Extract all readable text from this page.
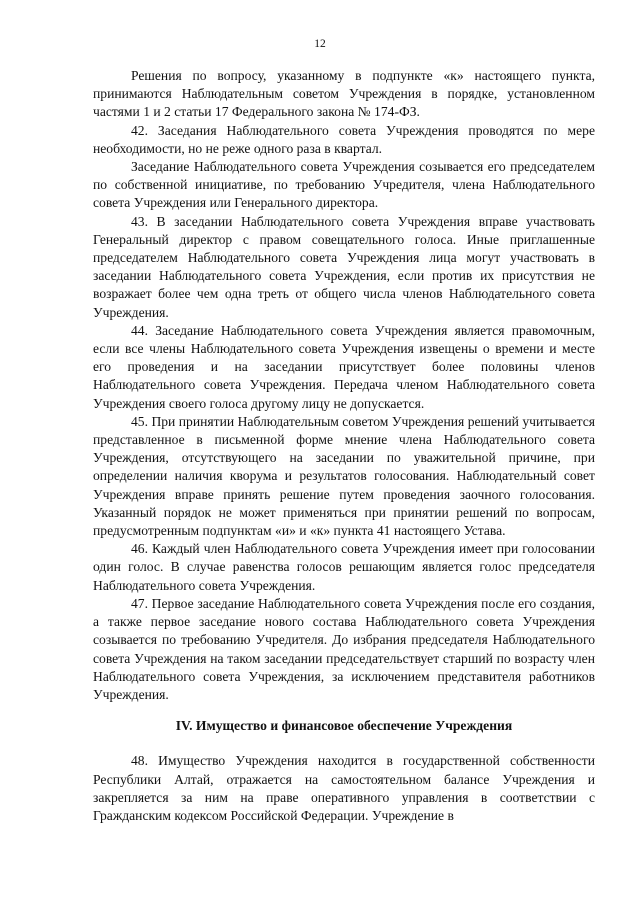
12

Решения по вопросу, указанному в подпункте «к» настоящего пункта, принимаются Наблюдательным советом Учреждения в порядке, установленном частями 1 и 2 статьи 17 Федерального закона № 174-ФЗ.

42. Заседания Наблюдательного совета Учреждения проводятся по мере необходимости, но не реже одного раза в квартал.

Заседание Наблюдательного совета Учреждения созывается его председателем по собственной инициативе, по требованию Учредителя, члена Наблюдательного совета Учреждения или Генерального директора.

43. В заседании Наблюдательного совета Учреждения вправе участвовать Генеральный директор с правом совещательного голоса. Иные приглашенные председателем Наблюдательного совета Учреждения лица могут участвовать в заседании Наблюдательного совета Учреждения, если против их присутствия не возражает более чем одна треть от общего числа членов Наблюдательного совета Учреждения.

44. Заседание Наблюдательного совета Учреждения является правомочным, если все члены Наблюдательного совета Учреждения извещены о времени и месте его проведения и на заседании присутствует более половины членов Наблюдательного совета Учреждения. Передача членом Наблюдательного совета Учреждения своего голоса другому лицу не допускается.

45. При принятии Наблюдательным советом Учреждения решений учитывается представленное в письменной форме мнение члена Наблюдательного совета Учреждения, отсутствующего на заседании по уважительной причине, при определении наличия кворума и результатов голосования. Наблюдательный совет Учреждения вправе принять решение путем проведения заочного голосования. Указанный порядок не может применяться при принятии решений по вопросам, предусмотренным подпунктам «и» и «к» пункта 41 настоящего Устава.

46. Каждый член Наблюдательного совета Учреждения имеет при голосовании один голос. В случае равенства голосов решающим является голос председателя Наблюдательного совета Учреждения.

47. Первое заседание Наблюдательного совета Учреждения после его создания, а также первое заседание нового состава Наблюдательного совета Учреждения созывается по требованию Учредителя. До избрания председателя Наблюдательного совета Учреждения на таком заседании председательствует старший по возрасту член Наблюдательного совета Учреждения, за исключением представителя работников Учреждения.

IV. Имущество и финансовое обеспечение Учреждения

48. Имущество Учреждения находится в государственной собственности Республики Алтай, отражается на самостоятельном балансе Учреждения и закрепляется за ним на праве оперативного управления в соответствии с Гражданским кодексом Российской Федерации. Учреждение в
